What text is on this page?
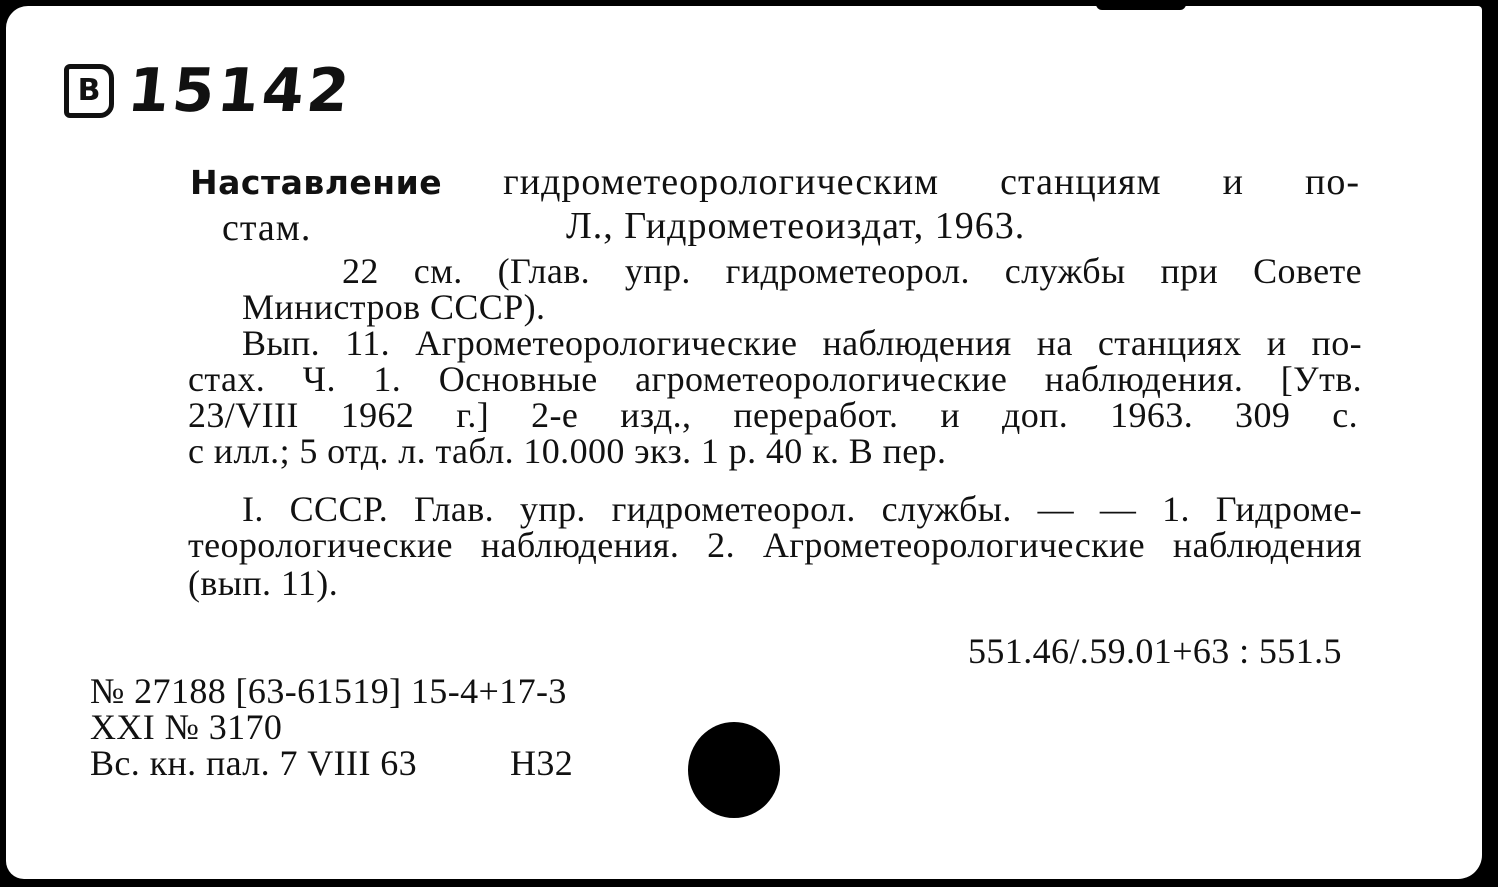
В 15142
Наставление гидрометеорологическим станциям и по-
стам.	Л., Гидрометеоиздат, 1963.
22 см. (Глав. упр. гидрометеорол. службы при Совете
Министров СССР).
Вып. 11. Агрометеорологические наблюдения на станциях и по-
стах. Ч. 1. Основные агрометеорологические наблюдения. [Утв.
23/VIII 1962 г.] 2-е изд., переработ. и доп. 1963. 309 с.
с илл.; 5 отд. л. табл. 10.000 экз. 1 р. 40 к. В пер.
I. СССР. Глав. упр. гидрометеорол. службы. — — 1. Гидроме-
теорологические наблюдения. 2. Агрометеорологические наблюдения
(вып. 11).
551.46/.59.01+63 : 551.5
№ 27188 [63-61519] 15-4+17-3
XXI № 3170
Вс. кн. пал. 7 VIII 63	Н32
